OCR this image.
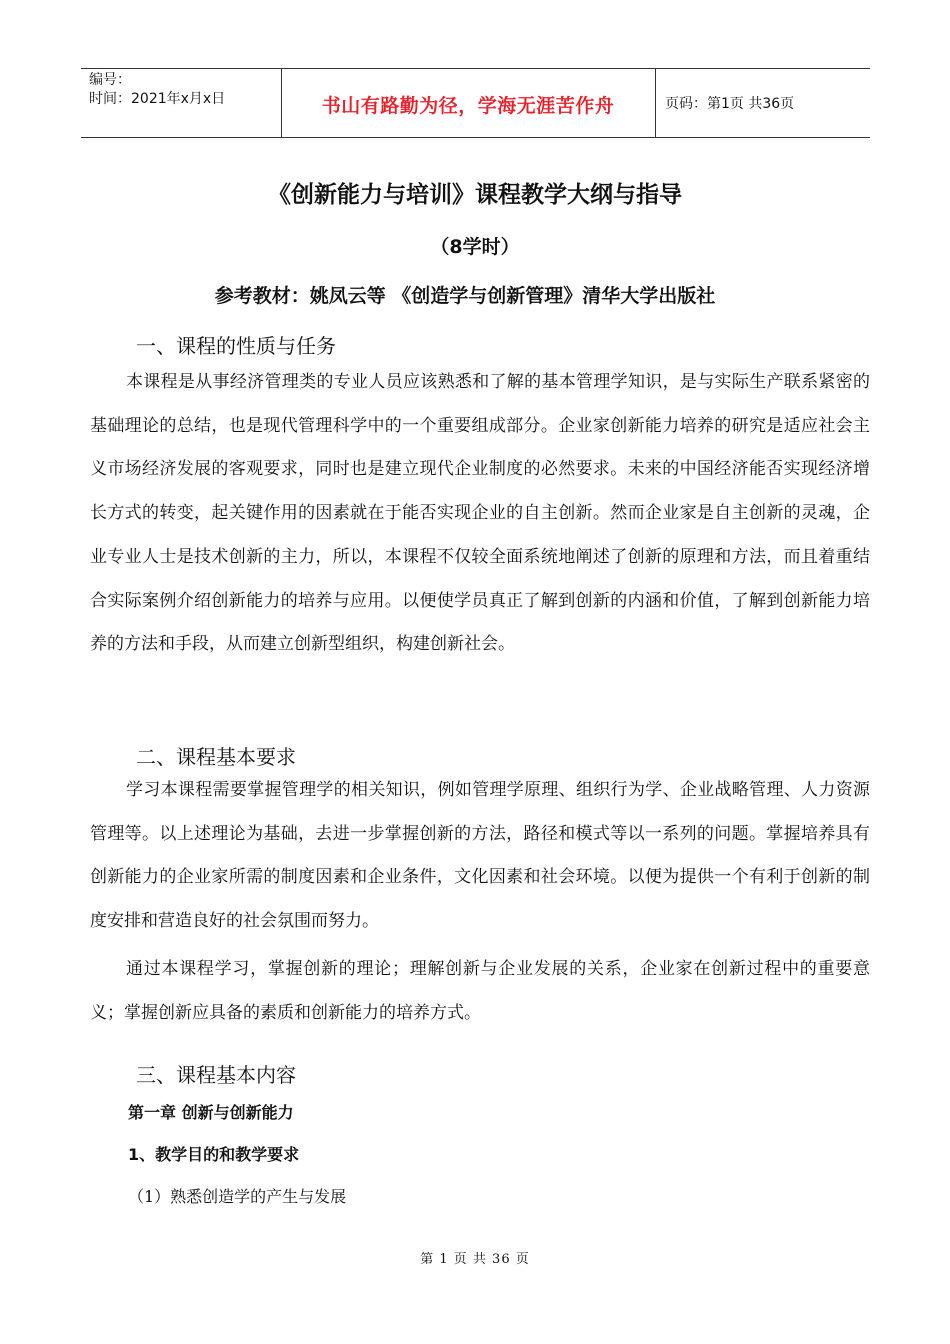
编号：
时间：2021年x月x日	书山有路勤为径，学海无涯苦作舟	页码：第1页 共36页
《创新能力与培训》课程教学大纲与指导
（8学时）
参考教材：姚凤云等 《创造学与创新管理》清华大学出版社
一、课程的性质与任务

本课程是从事经济管理类的专业人员应该熟悉和了解的基本管理学知识，是与实际生产联系紧密的基础理论的总结，也是现代管理科学中的一个重要组成部分。企业家创新能力培养的研究是适应社会主义市场经济发展的客观要求，同时也是建立现代企业制度的必然要求。未来的中国经济能否实现经济增长方式的转变，起关键作用的因素就在于能否实现企业的自主创新。然而企业家是自主创新的灵魂，企业专业人士是技术创新的主力，所以，本课程不仅较全面系统地阐述了创新的原理和方法，而且着重结合实际案例介绍创新能力的培养与应用。以便使学员真正了解到创新的内涵和价值，了解到创新能力培养的方法和手段，从而建立创新型组织，构建创新社会。

二、课程基本要求

学习本课程需要掌握管理学的相关知识，例如管理学原理、组织行为学、企业战略管理、人力资源管理等。以上述理论为基础，去进一步掌握创新的方法，路径和模式等以一系列的问题。掌握培养具有创新能力的企业家所需的制度因素和企业条件，文化因素和社会环境。以便为提供一个有利于创新的制度安排和营造良好的社会氛围而努力。

通过本课程学习，掌握创新的理论；理解创新与企业发展的关系，企业家在创新过程中的重要意义；掌握创新应具备的素质和创新能力的培养方式。

三、课程基本内容
第一章 创新与创新能力
1、教学目的和教学要求
（1）熟悉创造学的产生与发展
第 1 页 共 36 页
